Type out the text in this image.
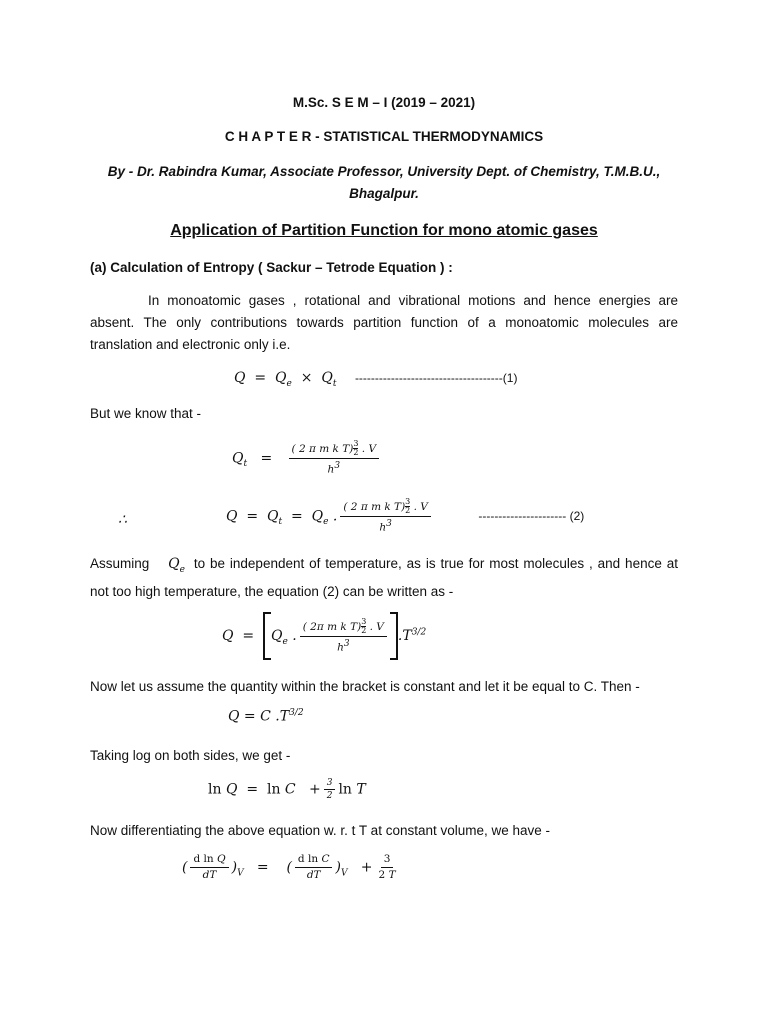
M.Sc. S E M – I (2019 – 2021)
C H A P T E R - STATISTICAL THERMODYNAMICS
By - Dr. Rabindra Kumar, Associate Professor, University Dept. of Chemistry, T.M.B.U.,
Bhagalpur.
Application of Partition Function for mono atomic gases
(a) Calculation of Entropy ( Sackur – Tetrode Equation ) :
In monoatomic gases , rotational and vibrational motions and hence energies are absent. The only contributions towards partition function of a monoatomic molecules are translation and electronic only i.e.
$Q = Q_e \times Q_t$ -------------------------------------(1)
But we know that -
$Q_t = \frac{( 2 \pi m k T) \frac{3}{2} . V}{h^3}$
∴	$Q = Q_t = Q_e$ . $\frac{( 2 \pi m k T) \frac{3}{2} . V}{h^3}$	---------------------- (2)
Assuming $Q_e$ to be independent of temperature, as is true for most molecules , and hence at not too high temperature, the equation (2) can be written as -
$Q = Q_e$ . $\frac{( 2\pi m k T) \frac{3}{2} . V}{h^3} .T^{3/2}$
Now let us assume the quantity within the bracket is constant and let it be equal to C. Then -
Q = C $.T^{3/2}$
Taking log on both sides, we get -
$\ln Q = \ln C + \frac{3}{2}$ ln T
Now differentiating the above equation w. r. t T at constant volume, we have -
( $\frac{\text{d ln Q}}{dT} )_V$   =    ( $\frac{\text{d ln C}}{dT} )_V + \frac{3}{2 T}$
